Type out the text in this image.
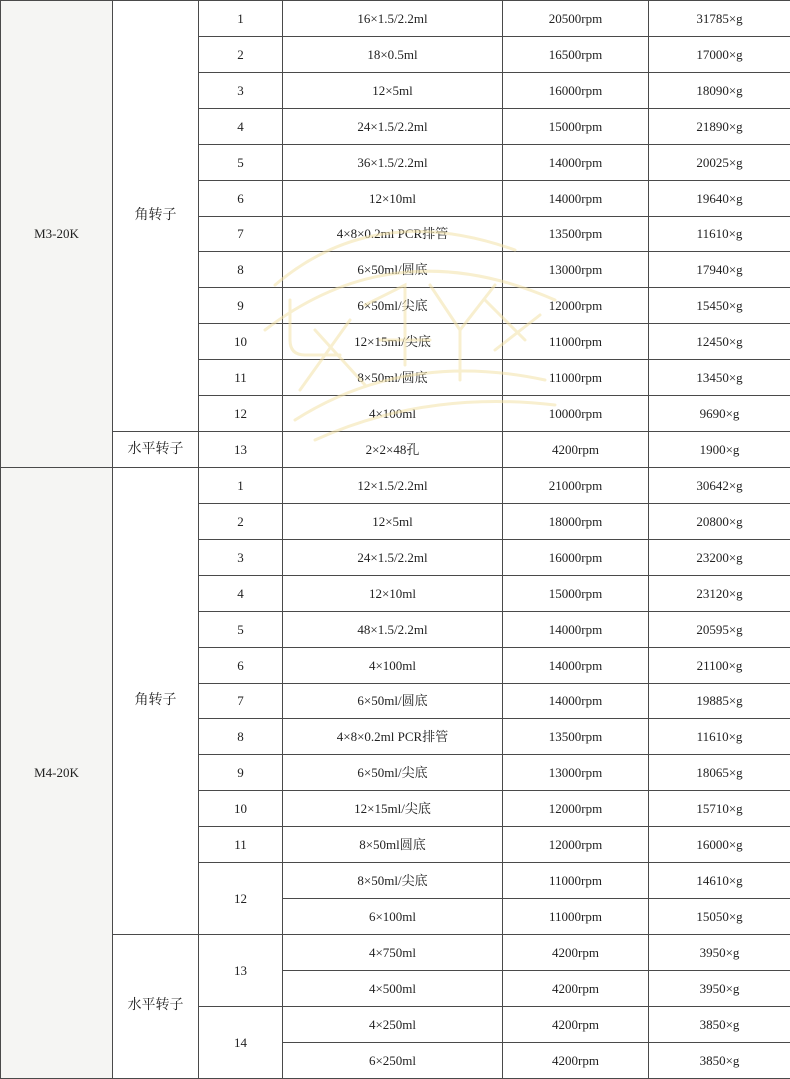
M3-20K	角转子	1	16×1.5/2.2ml	20500rpm	31785×g
		2	18×0.5ml	16500rpm	17000×g
		3	12×5ml	16000rpm	18090×g
		4	24×1.5/2.2ml	15000rpm	21890×g
		5	36×1.5/2.2ml	14000rpm	20025×g
		6	12×10ml	14000rpm	19640×g
		7	4×8×0.2ml PCR排管	13500rpm	11610×g
		8	6×50ml/圆底	13000rpm	17940×g
		9	6×50ml/尖底	12000rpm	15450×g
		10	12×15ml/尖底	11000rpm	12450×g
		11	8×50ml/圆底	11000rpm	13450×g
		12	4×100ml	10000rpm	9690×g
	水平转子	13	2×2×48孔	4200rpm	1900×g
M4-20K	角转子	1	12×1.5/2.2ml	21000rpm	30642×g
		2	12×5ml	18000rpm	20800×g
		3	24×1.5/2.2ml	16000rpm	23200×g
		4	12×10ml	15000rpm	23120×g
		5	48×1.5/2.2ml	14000rpm	20595×g
		6	4×100ml	14000rpm	21100×g
		7	6×50ml/圆底	14000rpm	19885×g
		8	4×8×0.2ml PCR排管	13500rpm	11610×g
		9	6×50ml/尖底	13000rpm	18065×g
		10	12×15ml/尖底	12000rpm	15710×g
		11	8×50ml圆底	12000rpm	16000×g
		12	8×50ml/尖底	11000rpm	14610×g
			6×100ml	11000rpm	15050×g
	水平转子	13	4×750ml	4200rpm	3950×g
			4×500ml	4200rpm	3950×g
		14	4×250ml	4200rpm	3850×g
			6×250ml	4200rpm	3850×g
